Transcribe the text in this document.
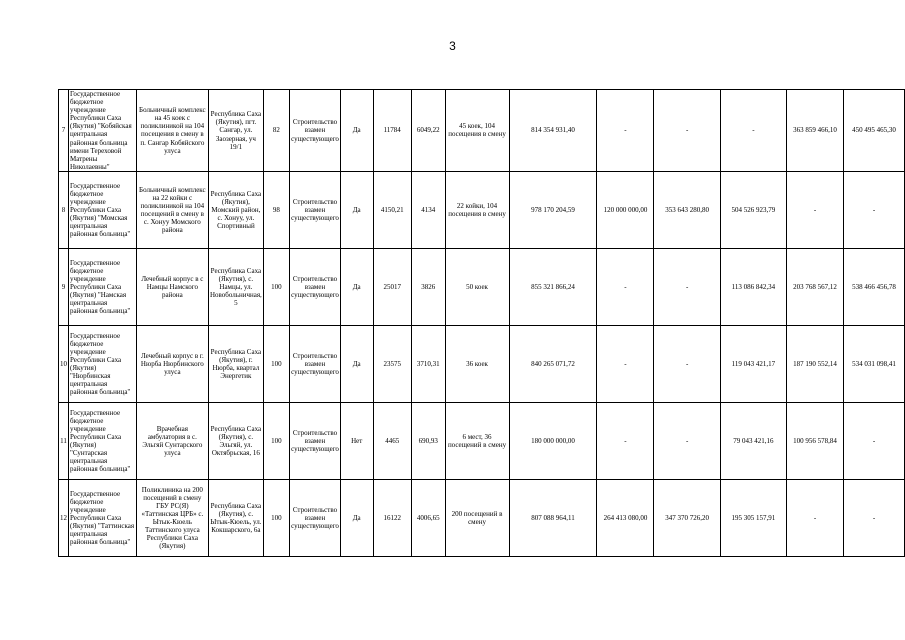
3
7	Государственное бюджетное учреждение Республики Саха (Якутия) "Кобяйская центральная районная больница имени Тереховой Матрены Николаевны"	Больничный комплекс на 45 коек с поликлиникой на 104 посещения в смену в п. Сангар Кобяйского улуса	Республика Саха (Якутия), пгт. Сангар, ул. Заозерная, уч 19/1	82	Строительство взамен существующего	Да	11784	6049,22	45 коек, 104 посещения в смену	814 354 931,40	-	-	-	363 859 466,10	450 495 465,30

8	Государственное бюджетное учреждение Республики Саха (Якутия) "Момская центральная районная больница"	Больничный комплекс на 22 койки с поликлиникой на 104 посещений в смену в с. Хонуу Момского района	Республика Саха (Якутия), Момский район, с. Хонуу, ул. Спортивный	98	Строительство взамен существующего	Да	4150,21	4134	22 койки, 104 посещения в смену	978 170 204,59	120 000 000,00	353 643 280,80	504 526 923,79	-	-

9	Государственное бюджетное учреждение Республики Саха (Якутия) "Намская центральная районная больница"	Лечебный корпус в с Намцы Намского района	Республика Саха (Якутия), с. Намцы, ул. Новобольничная, 5	100	Строительство взамен существующего	Да	25017	3826	50 коек	855 321 866,24	-	-	113 086 842,34	203 768 567,12	538 466 456,78

10	Государственное бюджетное учреждение Республики Саха (Якутия) "Нюрбинская центральная районная больница"	Лечебный корпус в г. Нюрба Нюрбинского улуса	Республика Саха (Якутия), г. Нюрба, квартал Энергетик	100	Строительство взамен существующего	Да	23575	3710,31	36 коек	840 265 071,72	-	-	119 043 421,17	187 190 552,14	534 031 098,41

11	Государственное бюджетное учреждение Республики Саха (Якутия) "Сунтарская центральная районная больница"	Врачебная амбулатория в с. Эльгяй Сунтарского улуса	Республика Саха (Якутия), с. Эльгяй, ул. Октябрьская, 16	100	Строительство взамен существующего	Нет	4465	690,93	6 мест, 36 посещений в смену	180 000 000,00	-	-	79 043 421,16	100 956 578,84	-

12	Государственное бюджетное учреждение Республики Саха (Якутия) "Таттинская центральная районная больница"	Поликлиника на 200 посещений в смену ГБУ РС(Я) «Таттинская ЦРБ» с. Ытык-Кюель Таттинского улуса Республики Саха (Якутия)	Республика Саха (Якутия), с. Ытык-Кюель, ул. Кокшарского, 6а	100	Строительство взамен существующего	Да	16122	4006,65	200 посещений в смену	807 088 964,11	264 413 080,00	347 370 726,20	195 305 157,91	-	-
